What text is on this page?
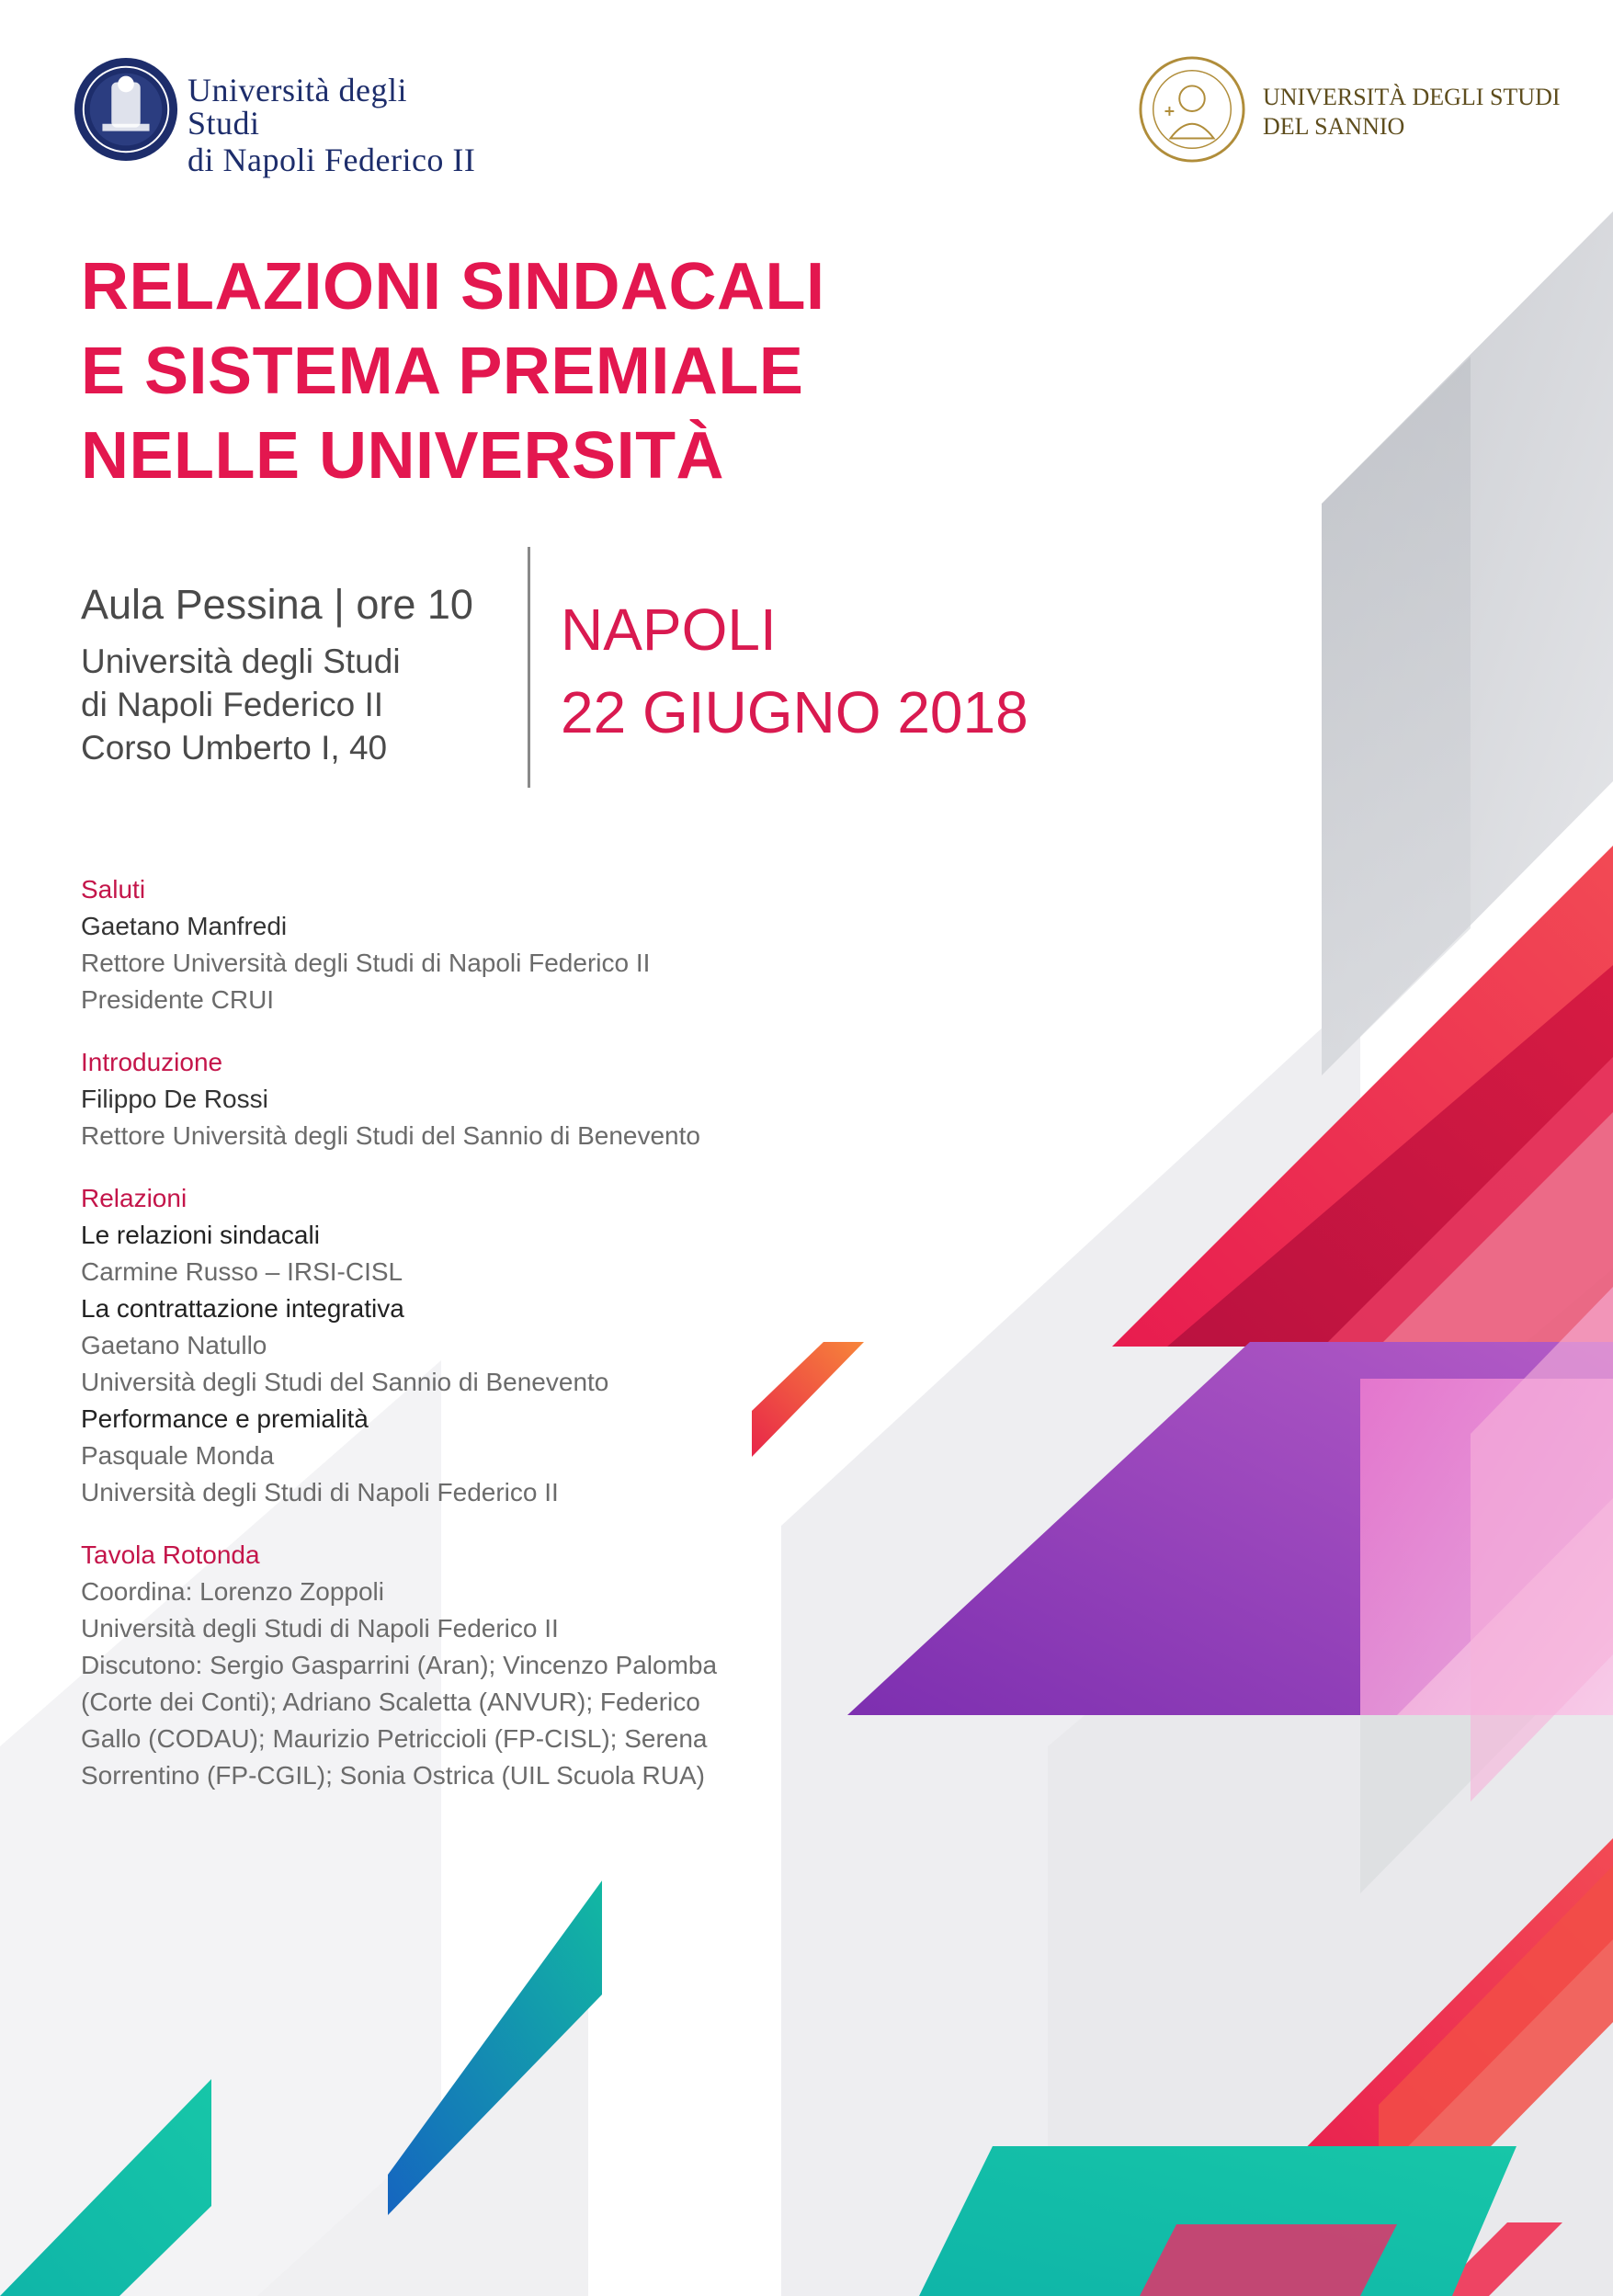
Università degli Studi
di Napoli Federico II
UNIVERSITÀ DEGLI STUDI
DEL SANNIO
RELAZIONI SINDACALI
E SISTEMA PREMIALE
NELLE UNIVERSITÀ
Aula Pessina | ore 10
Università degli Studi
di Napoli Federico II
Corso Umberto I, 40
NAPOLI
22 GIUGNO 2018
Saluti
Gaetano Manfredi
Rettore Università degli Studi di Napoli Federico II
Presidente CRUI
Introduzione
Filippo De Rossi
Rettore Università degli Studi del Sannio di Benevento
Relazioni
Le relazioni sindacali
Carmine Russo – IRSI-CISL
La contrattazione integrativa
Gaetano Natullo
Università degli Studi del Sannio di Benevento
Performance e premialità
Pasquale Monda
Università degli Studi di Napoli Federico II
Tavola Rotonda
Coordina: Lorenzo Zoppoli
Università degli Studi di Napoli Federico II
Discutono: Sergio Gasparrini (Aran); Vincenzo Palomba
(Corte dei Conti); Adriano Scaletta (ANVUR); Federico
Gallo (CODAU); Maurizio Petriccioli (FP-CISL); Serena
Sorrentino (FP-CGIL); Sonia Ostrica (UIL Scuola RUA)
